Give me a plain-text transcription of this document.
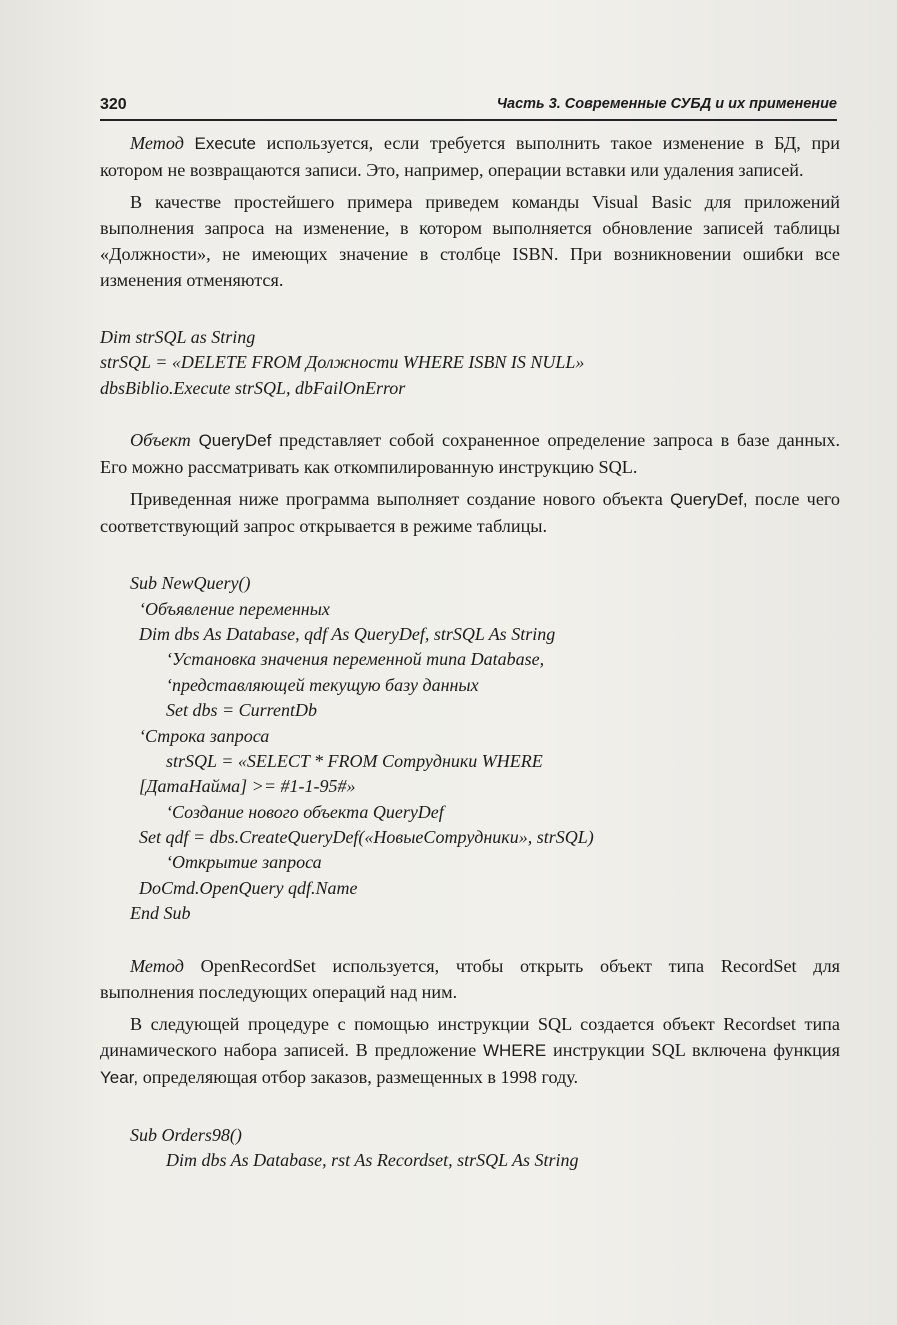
320	Часть 3. Современные СУБД и их применение

Метод Execute используется, если требуется выполнить такое изменение в БД, при котором не возвращаются записи. Это, например, операции вставки или удаления записей.

В качестве простейшего примера приведем команды Visual Basic для приложений выполнения запроса на изменение, в котором выполняется обновление записей таблицы «Должности», не имеющих значение в столбце ISBN. При возникновении ошибки все изменения отменяются.

Dim strSQL as String
strSQL = «DELETE FROM Должности WHERE ISBN IS NULL»
dbsBiblio.Execute strSQL, dbFailOnError

Объект QueryDef представляет собой сохраненное определение запроса в базе данных. Его можно рассматривать как откомпилированную инструкцию SQL.

Приведенная ниже программа выполняет создание нового объекта QueryDef, после чего соответствующий запрос открывается в режиме таблицы.

Sub NewQuery()
‘Объявление переменных
Dim dbs As Database, qdf As QueryDef, strSQL As String
‘Установка значения переменной типа Database,
‘представляющей текущую базу данных
Set dbs = CurrentDb
‘Строка запроса
strSQL = «SELECT * FROM Сотрудники WHERE
[ДатаНайма] >= #1-1-95#»
‘Создание нового объекта QueryDef
Set qdf = dbs.CreateQueryDef(«НовыеСотрудники», strSQL)
‘Открытие запроса
DoCmd.OpenQuery qdf.Name
End Sub

Метод OpenRecordSet используется, чтобы открыть объект типа RecordSet для выполнения последующих операций над ним.

В следующей процедуре с помощью инструкции SQL создается объект Recordset типа динамического набора записей. В предложение WHERE инструкции SQL включена функция Year, определяющая отбор заказов, размещенных в 1998 году.

Sub Orders98()
Dim dbs As Database, rst As Recordset, strSQL As String
